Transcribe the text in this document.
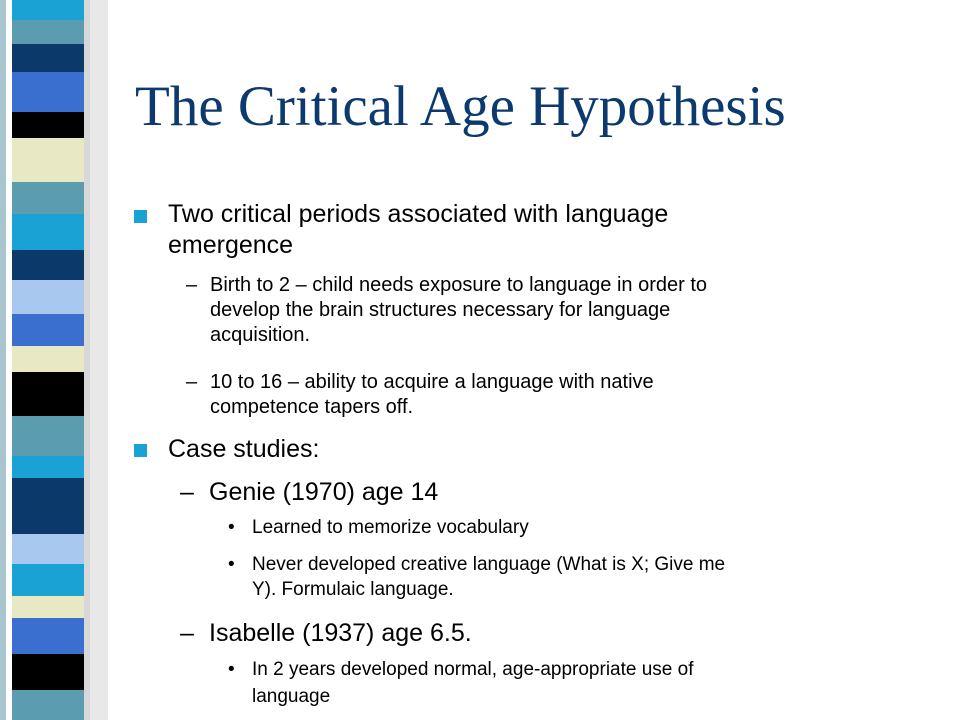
The Critical Age Hypothesis
Two critical periods associated with language
emergence
– Birth to 2 – child needs exposure to language in order to
develop the brain structures necessary for language
acquisition.
– 10 to 16 – ability to acquire a language with native
competence tapers off.
Case studies:
– Genie (1970) age 14
• Learned to memorize vocabulary
• Never developed creative language (What is X; Give me
Y). Formulaic language.
– Isabelle (1937) age 6.5.
• In 2 years developed normal, age-appropriate use of
language
